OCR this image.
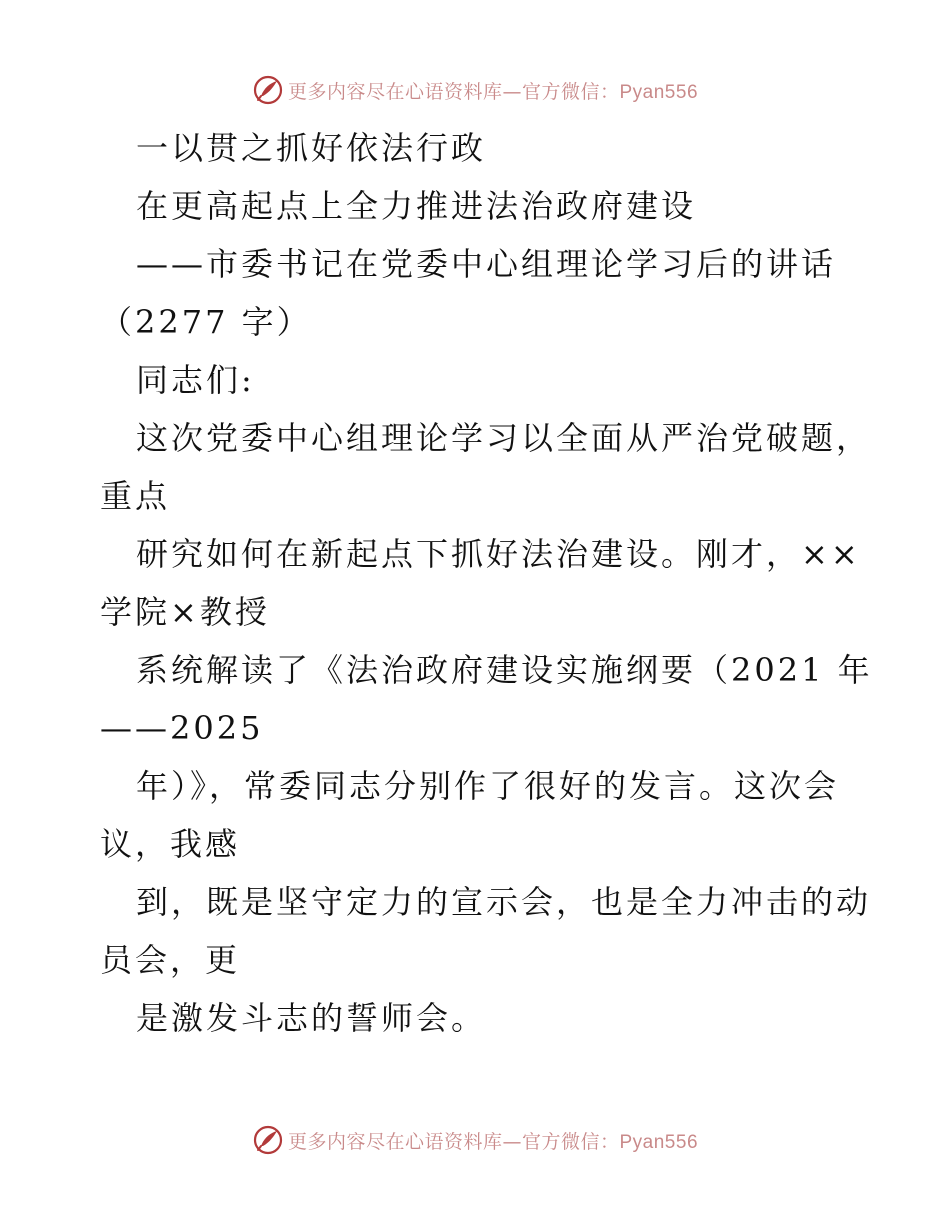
更多内容尽在心语资料库—官方微信：Pyan556
一以贯之抓好依法行政
在更高起点上全力推进法治政府建设
——市委书记在党委中心组理论学习后的讲话
（2277 字）
同志们:
这次党委中心组理论学习以全面从严治党破题，
重点
研究如何在新起点下抓好法治建设。刚才，××
学院×教授
系统解读了《法治政府建设实施纲要（2021 年
——2025
年）》，常委同志分别作了很好的发言。这次会
议，我感
到，既是坚守定力的宣示会，也是全力冲击的动
员会，更
是激发斗志的誓师会。
更多内容尽在心语资料库—官方微信：Pyan556
